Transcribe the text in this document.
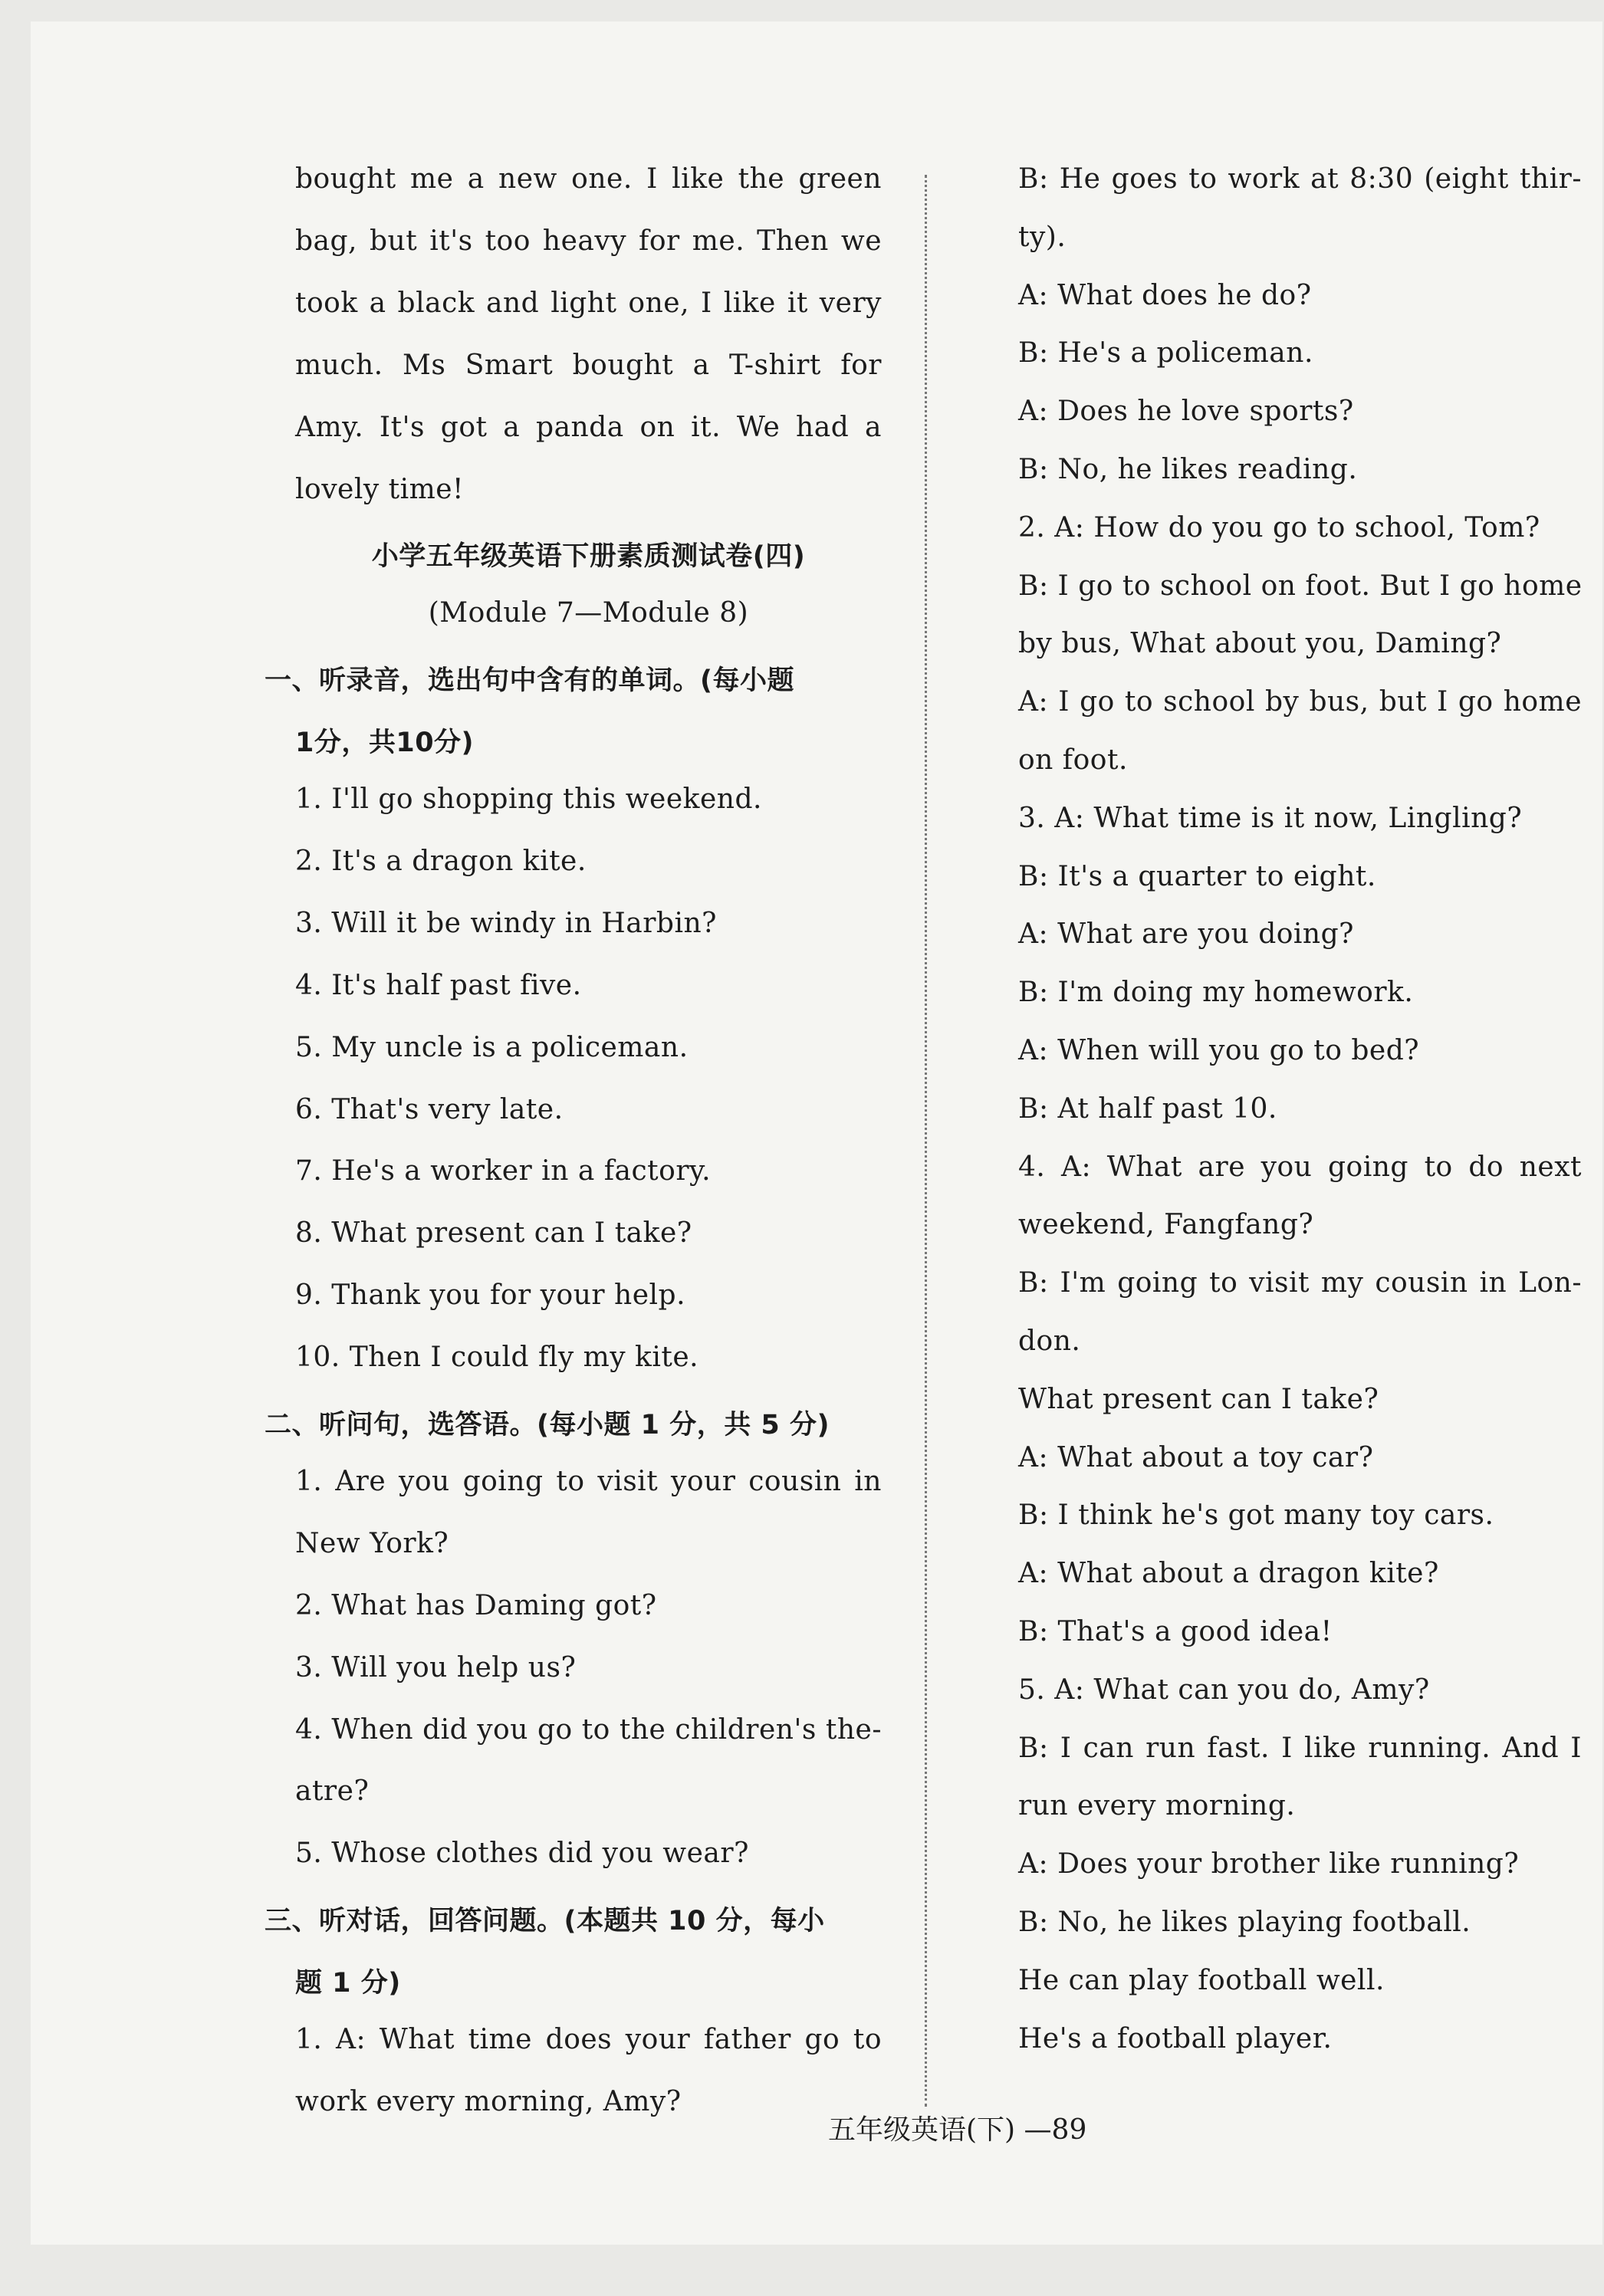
bought me a new one. I like the green
bag, but it's too heavy for me. Then we
took a black and light one, I like it very
much. Ms Smart bought a T-shirt for
Amy. It's got a panda on it. We had a
lovely time!
小学五年级英语下册素质测试卷(四)
(Module 7—Module 8)
一、听录音，选出句中含有的单词。(每小题
1分，共10分)
1. I'll go shopping this weekend.
2. It's a dragon kite.
3. Will it be windy in Harbin?
4. It's half past five.
5. My uncle is a policeman.
6. That's very late.
7. He's a worker in a factory.
8. What present can I take?
9. Thank you for your help.
10. Then I could fly my kite.
二、听问句，选答语。(每小题 1 分，共 5 分)
1. Are you going to visit your cousin in
New York?
2. What has Daming got?
3. Will you help us?
4. When did you go to the children's the-
atre?
5. Whose clothes did you wear?
三、听对话，回答问题。(本题共 10 分，每小
题 1 分)
1. A: What time does your father go to
work every morning, Amy?
B: He goes to work at 8:30 (eight thir-
ty).
A: What does he do?
B: He's a policeman.
A: Does he love sports?
B: No, he likes reading.
2. A: How do you go to school, Tom?
B: I go to school on foot. But I go home
by bus, What about you, Daming?
A: I go to school by bus, but I go home
on foot.
3. A: What time is it now, Lingling?
B: It's a quarter to eight.
A: What are you doing?
B: I'm doing my homework.
A: When will you go to bed?
B: At half past 10.
4. A: What are you going to do next
weekend, Fangfang?
B: I'm going to visit my cousin in Lon-
don.
What present can I take?
A: What about a toy car?
B: I think he's got many toy cars.
A: What about a dragon kite?
B: That's a good idea!
5. A: What can you do, Amy?
B: I can run fast. I like running. And I
run every morning.
A: Does your brother like running?
B: No, he likes playing football.
He can play football well.
He's a football player.
五年级英语(下) —89
